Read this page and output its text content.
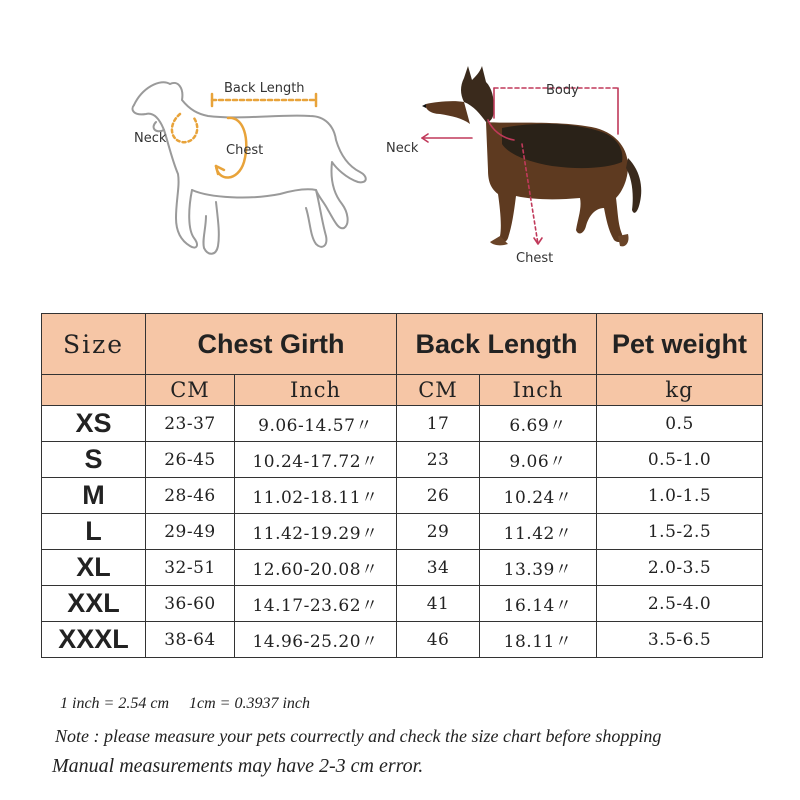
Back Length
Neck
Chest
Body
Neck
Chest
Size	Chest Girth		Back Length		Pet weight
	CM	Inch	CM	Inch	kg
XS	23-37	9.06-14.57〃	17	6.69〃	0.5
S	26-45	10.24-17.72〃	23	9.06〃	0.5-1.0
M	28-46	11.02-18.11〃	26	10.24〃	1.0-1.5
L	29-49	11.42-19.29〃	29	11.42〃	1.5-2.5
XL	32-51	12.60-20.08〃	34	13.39〃	2.0-3.5
XXL	36-60	14.17-23.62〃	41	16.14〃	2.5-4.0
XXXL	38-64	14.96-25.20〃	46	18.11〃	3.5-6.5
1 inch = 2.54 cm     1cm = 0.3937 inch
Note : please measure your pets courrectly and check the size chart before shopping
Manual measurements may have 2-3 cm error.
